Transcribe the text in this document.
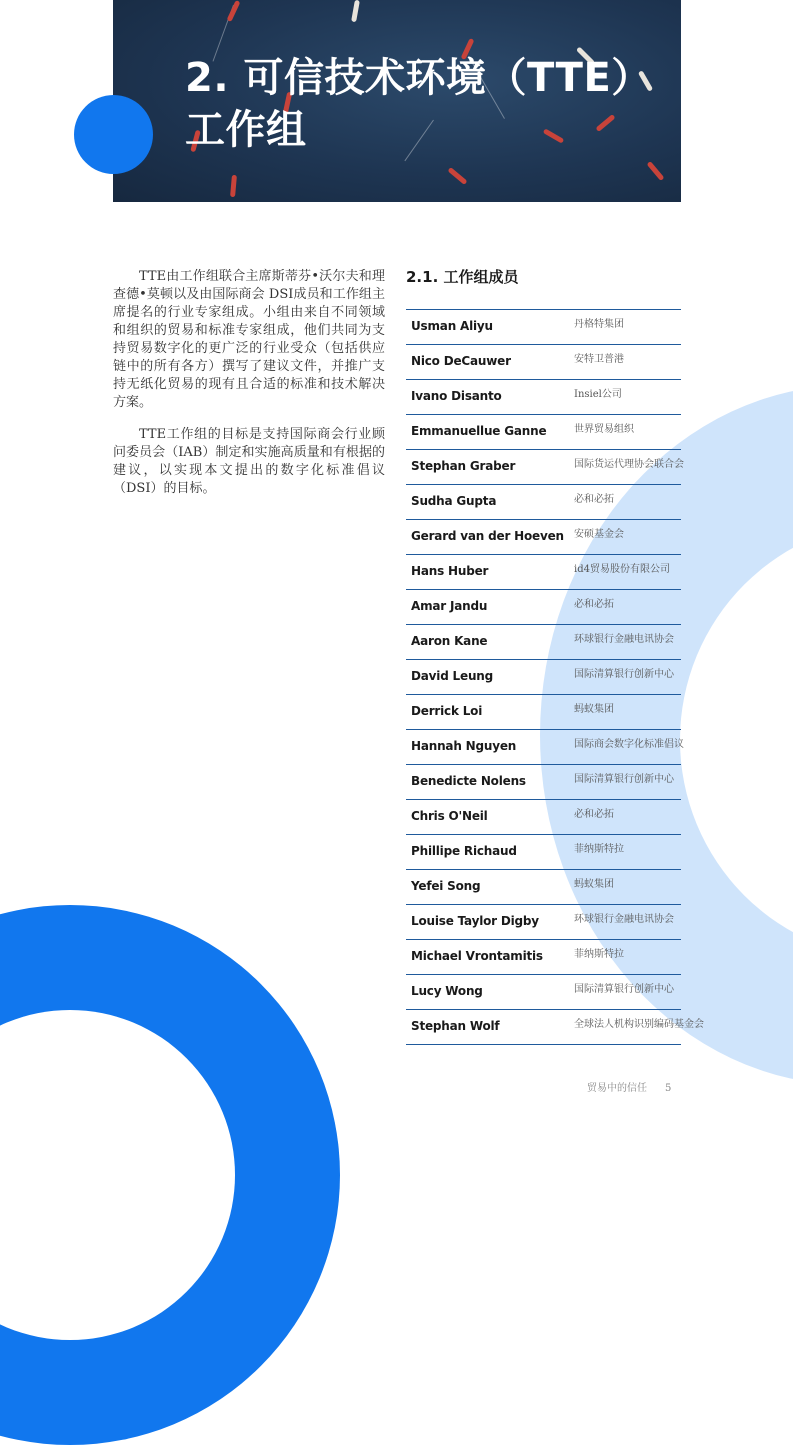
2. 可信技术环境（TTE）
工作组

TTE由工作组联合主席斯蒂芬•沃尔夫和理查德•莫顿以及由国际商会 DSI成员和工作组主席提名的行业专家组成。小组由来自不同领域和组织的贸易和标准专家组成，他们共同为支持贸易数字化的更广泛的行业受众（包括供应链中的所有各方）撰写了建议文件，并推广支持无纸化贸易的现有且合适的标准和技术解决方案。

TTE工作组的目标是支持国际商会行业顾问委员会（IAB）制定和实施高质量和有根据的建议，以实现本文提出的数字化标准倡议（DSI）的目标。

2.1. 工作组成员
Usman Aliyu	丹格特集团
Nico DeCauwer	安特卫普港
Ivano Disanto	Insiel公司
Emmanuellue Ganne	世界贸易组织
Stephan Graber	国际货运代理协会联合会
Sudha Gupta	必和必拓
Gerard van der Hoeven 安硕基金会
Hans Huber	id4贸易股份有限公司
Amar Jandu	必和必拓
Aaron Kane	环球银行金融电讯协会
David Leung	国际清算银行创新中心
Derrick Loi	蚂蚁集团
Hannah Nguyen	国际商会数字化标准倡议
Benedicte Nolens	国际清算银行创新中心
Chris O'Neil	必和必拓
Phillipe Richaud	菲纳斯特拉
Yefei Song	蚂蚁集团
Louise Taylor Digby	环球银行金融电讯协会
Michael Vrontamitis	菲纳斯特拉
Lucy Wong	国际清算银行创新中心
Stephan Wolf	全球法人机构识别编码基金会
贸易中的信任 5
